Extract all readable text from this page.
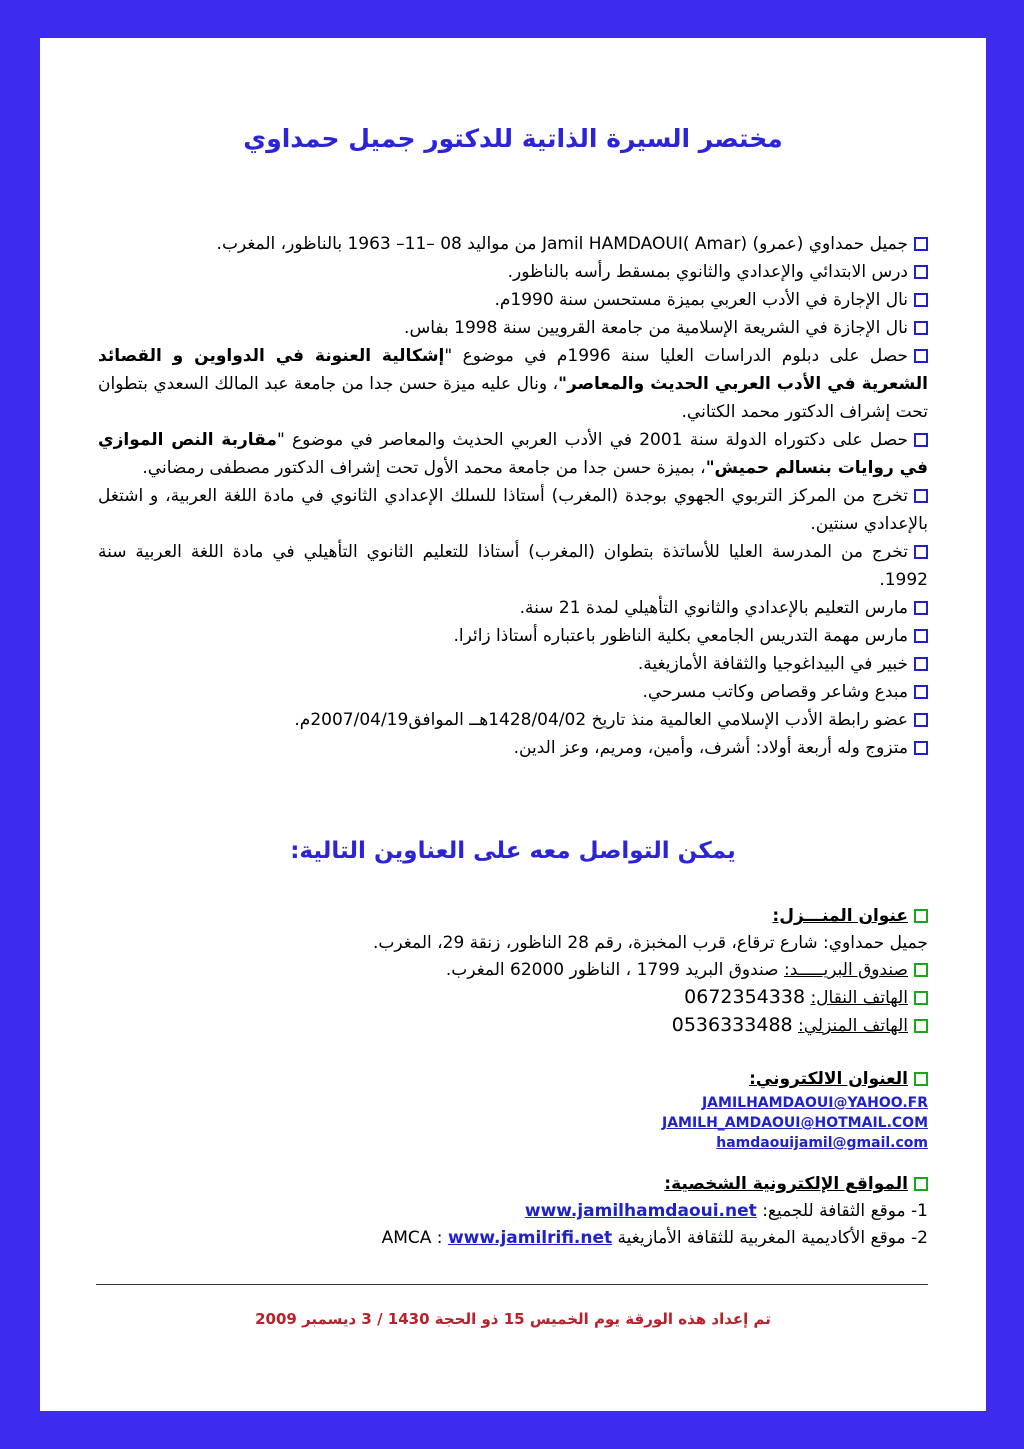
مختصر السيرة الذاتية للدكتور جميل حمداوي
جميل حمداوي (عمرو) Jamil HAMDAOUI( Amar) من مواليد 08 –11– 1963 بالناظور، المغرب.
درس الابتدائي والإعدادي والثانوي بمسقط رأسه بالناظور.
نال الإجارة في الأدب العربي بميزة مستحسن سنة 1990م.
نال الإجازة في الشريعة الإسلامية من جامعة القرويين سنة 1998 بفاس.
حصل على دبلوم الدراسات العليا سنة 1996م في موضوع "إشكالية العنونة في الدواوين و القصائد الشعرية في الأدب العربي الحديث والمعاصر"، ونال عليه ميزة حسن جدا من جامعة عبد المالك السعدي بتطوان تحت إشراف الدكتور محمد الكتاني.
حصل على دكتوراه الدولة سنة 2001 في الأدب العربي الحديث والمعاصر في موضوع "مقاربة النص الموازي في روايات بنسالم حميش"، بميزة حسن جدا من جامعة محمد الأول تحت إشراف الدكتور مصطفى رمضاني.
تخرج من المركز التربوي الجهوي بوجدة (المغرب) أستاذا للسلك الإعدادي الثانوي في مادة اللغة العربية، و اشتغل بالإعدادي سنتين.
تخرج من المدرسة العليا للأساتذة بتطوان (المغرب) أستاذا للتعليم الثانوي التأهيلي في مادة اللغة العربية سنة 1992.
مارس التعليم بالإعدادي والثانوي التأهيلي لمدة 21 سنة.
مارس مهمة التدريس الجامعي بكلية الناظور باعتباره أستاذا زائرا.
خبير في البيداغوجيا والثقافة الأمازيغية.
مبدع وشاعر وقصاص وكاتب مسرحي.
عضو رابطة الأدب الإسلامي العالمية منذ تاريخ 1428/04/02هــ الموافق2007/04/19م.
متزوج وله أربعة أولاد: أشرف، وأمين، ومريم، وعز الدين.
يمكن التواصل معه على العناوين التالية:
عنوان المنـــزل:
جميل حمداوي: شارع ترقاع، قرب المخبزة، رقم 28 الناظور، زنقة 29، المغرب.
صندوق البريـــــد: صندوق البريد 1799 ، الناظور 62000 المغرب.
الهاتف النقال: 0672354338
الهاتف المنزلي: 0536333488
العنوان الالكتروني:
JAMILHAMDAOUI@YAHOO.FR
JAMILH_AMDAOUI@HOTMAIL.COM
hamdaouijamil@gmail.com
المواقع الإلكترونية الشخصية:
1- موقع الثقافة للجميع: www.jamilhamdaoui.net
2- موقع الأكاديمية المغربية للثقافة الأمازيغية AMCA : www.jamilrifi.net
تم إعداد هذه الورقة يوم الخميس 15 ذو الحجة 1430 / 3 ديسمبر 2009
